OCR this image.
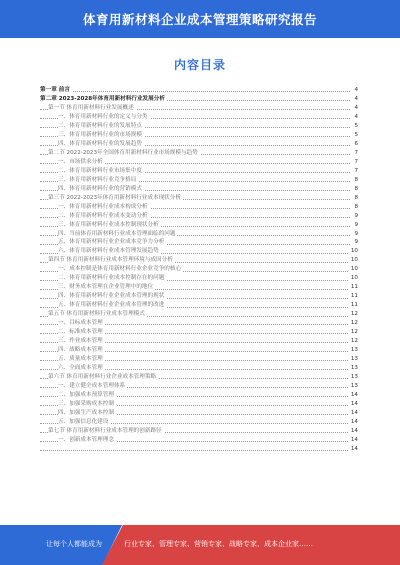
体育用新材料企业成本管理策略研究报告
内容目录
第一章 前言	4
第二章 2023-2028年体育用新材料行业发展分析	4
第一节 体育用新材料行业发展概述	4
一、体育用新材料行业的定义与分类	4
二、体育用新材料行业的发展特点	5
三、体育用新材料行业的市场规模	5
四、体育用新材料行业的发展趋势	6
第二节 2022-2023年全国体育用新材料行业市场规模与趋势	7
一、市场供求分析	7
二、体育用新材料行业市场集中度	7
三、体育用新材料行业竞争格局	8
四、体育用新材料行业的营销模式	8
第三节 2022-2023年体育用新材料行业成本现状分析	8
一、体育用新材料行业成本构成分析	8
二、体育用新材料行业成本变动分析	9
三、体育用新材料行业成本控制现状分析	9
四、当前体育用新材料行业成本管理面临的问题	9
五、体育用新材料行业企业成本竞争力分析	9
六、体育用新材料行业成本管理发展趋势	10
第四节 体育用新材料行业成本管理环境与成因分析	10
一、成本控制是体育用新材料行业企业竞争的核心	10
二、体育用新材料行业成本控制存在的问题	10
三、财务成本管理在企业管理中的地位	11
四、体育用新材料行业企业成本管理的现状	11
五、体育用新材料行业企业成本管理的改进	11
第五节 体育用新材料行业成本管理模式	12
一、目标成本管理	12
二、标准成本管理	12
三、作业成本管理	12
四、战略成本管理	13
五、质量成本管理	13
六、全面成本管理	13
第六节 体育用新材料行业企业成本管理策略	13
一、建立健全成本管理体系	13
二、加强成本预算管理	14
三、加强采购成本控制	14
四、加强生产成本控制	14
五、加强信息化建设	14
第七节 体育用新材料行业成本管理的创新路径	14
一、创新成本管理理念	14
14
让每个人都能成为	行业专家、管理专家、营销专家、战略专家、成本企业家……
